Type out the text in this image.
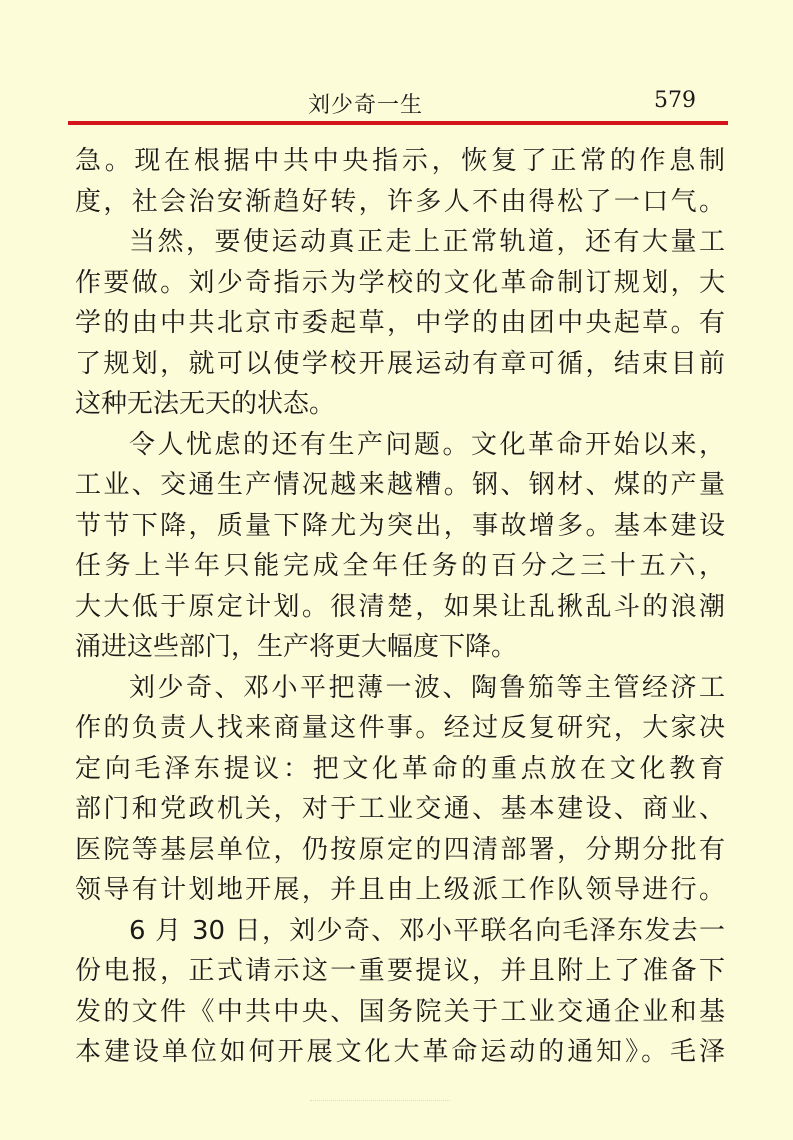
刘少奇一生	579
急。现在根据中共中央指示，恢复了正常的作息制
度，社会治安渐趋好转，许多人不由得松了一口气。
当然，要使运动真正走上正常轨道，还有大量工
作要做。刘少奇指示为学校的文化革命制订规划，大
学的由中共北京市委起草，中学的由团中央起草。有
了规划，就可以使学校开展运动有章可循，结束目前
这种无法无天的状态。
令人忧虑的还有生产问题。文化革命开始以来，
工业、交通生产情况越来越糟。钢、钢材、煤的产量
节节下降，质量下降尤为突出，事故增多。基本建设
任务上半年只能完成全年任务的百分之三十五六，
大大低于原定计划。很清楚，如果让乱揪乱斗的浪潮
涌进这些部门，生产将更大幅度下降。
刘少奇、邓小平把薄一波、陶鲁笳等主管经济工
作的负责人找来商量这件事。经过反复研究，大家决
定向毛泽东提议：把文化革命的重点放在文化教育
部门和党政机关，对于工业交通、基本建设、商业、
医院等基层单位，仍按原定的四清部署，分期分批有
领导有计划地开展，并且由上级派工作队领导进行。
6 月 30 日，刘少奇、邓小平联名向毛泽东发去一
份电报，正式请示这一重要提议，并且附上了准备下
发的文件《中共中央、国务院关于工业交通企业和基
本建设单位如何开展文化大革命运动的通知》。毛泽
